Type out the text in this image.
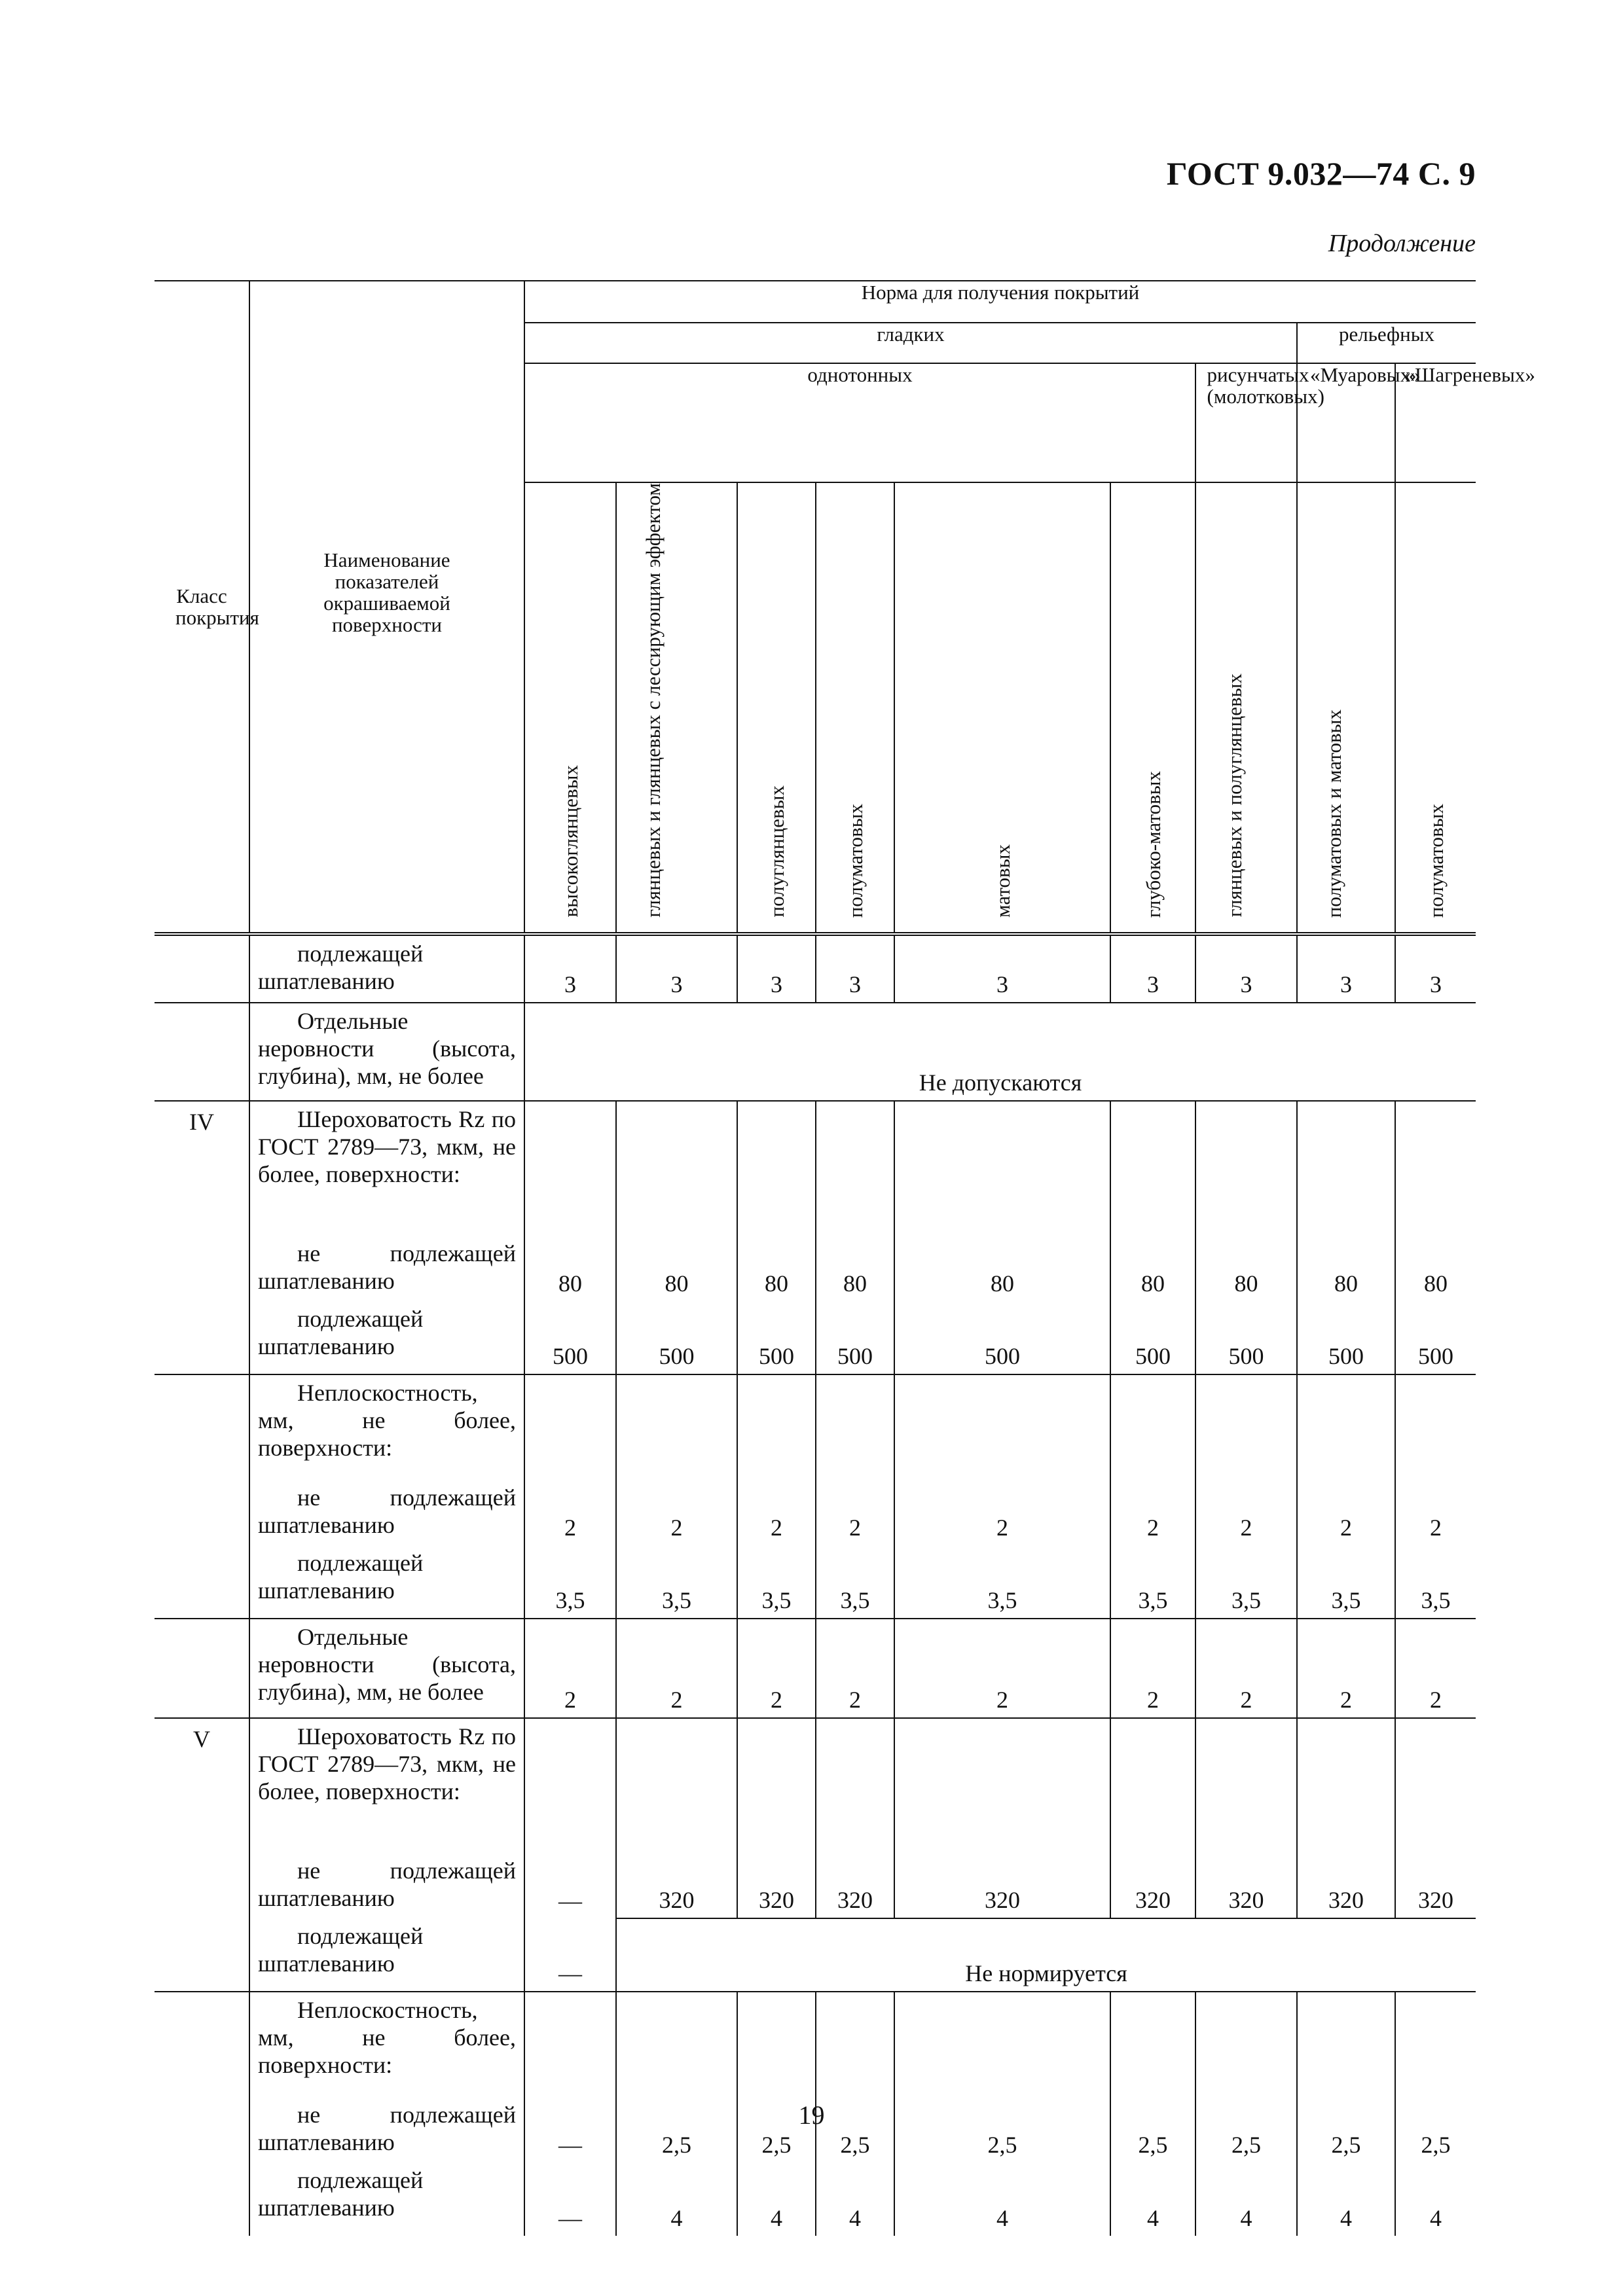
ГОСТ 9.032—74 С. 9
Продолжение
Класс покрытия	Наименование показателей окрашиваемой поверхности	Норма для получения покрытий								
		гладких							рельефных	
		однотонных						рисунчатых (молотковых)	«Муаровых»	«Шагреневых»

		высокоглянцевых	глянцевых и глянцевых с лессирующим эффектом	полуглянцевых	полуматовых	матовых	глубоко-матовых	глянцевых и полуглянцевых	полуматовых и матовых	полуматовых

	подлежащей шпатлеванию	3	3	3	3	3	3	3	3	3

	Отдельные неровности (высота, глубина), мм, не более	Не допускаются								
IV	Шероховатость Rz по ГОСТ 2789—73, мкм, не более, поверхности:									

	не подлежащей шпатлеванию	80	80	80	80	80	80	80	80	80

	подлежащей шпатлеванию	500	500	500	500	500	500	500	500	500

	Неплоскостность, мм, не более, поверхности:									

	не подлежащей шпатлеванию	2	2	2	2	2	2	2	2	2

	подлежащей шпатлеванию	3,5	3,5	3,5	3,5	3,5	3,5	3,5	3,5	3,5

	Отдельные неровности (высота, глубина), мм, не более	2	2	2	2	2	2	2	2	2
V	Шероховатость Rz по ГОСТ 2789—73, мкм, не более, поверхности:									

	не подлежащей шпатлеванию	—	320	320	320	320	320	320	320	320

	подлежащей шпатлеванию	—	Не нормируется							

	Неплоскостность, мм, не более, поверхности:									

	не подлежащей шпатлеванию	—	2,5	2,5	2,5	2,5	2,5	2,5	2,5	2,5

	подлежащей шпатлеванию	—	4	4	4	4	4	4	4	4
19
